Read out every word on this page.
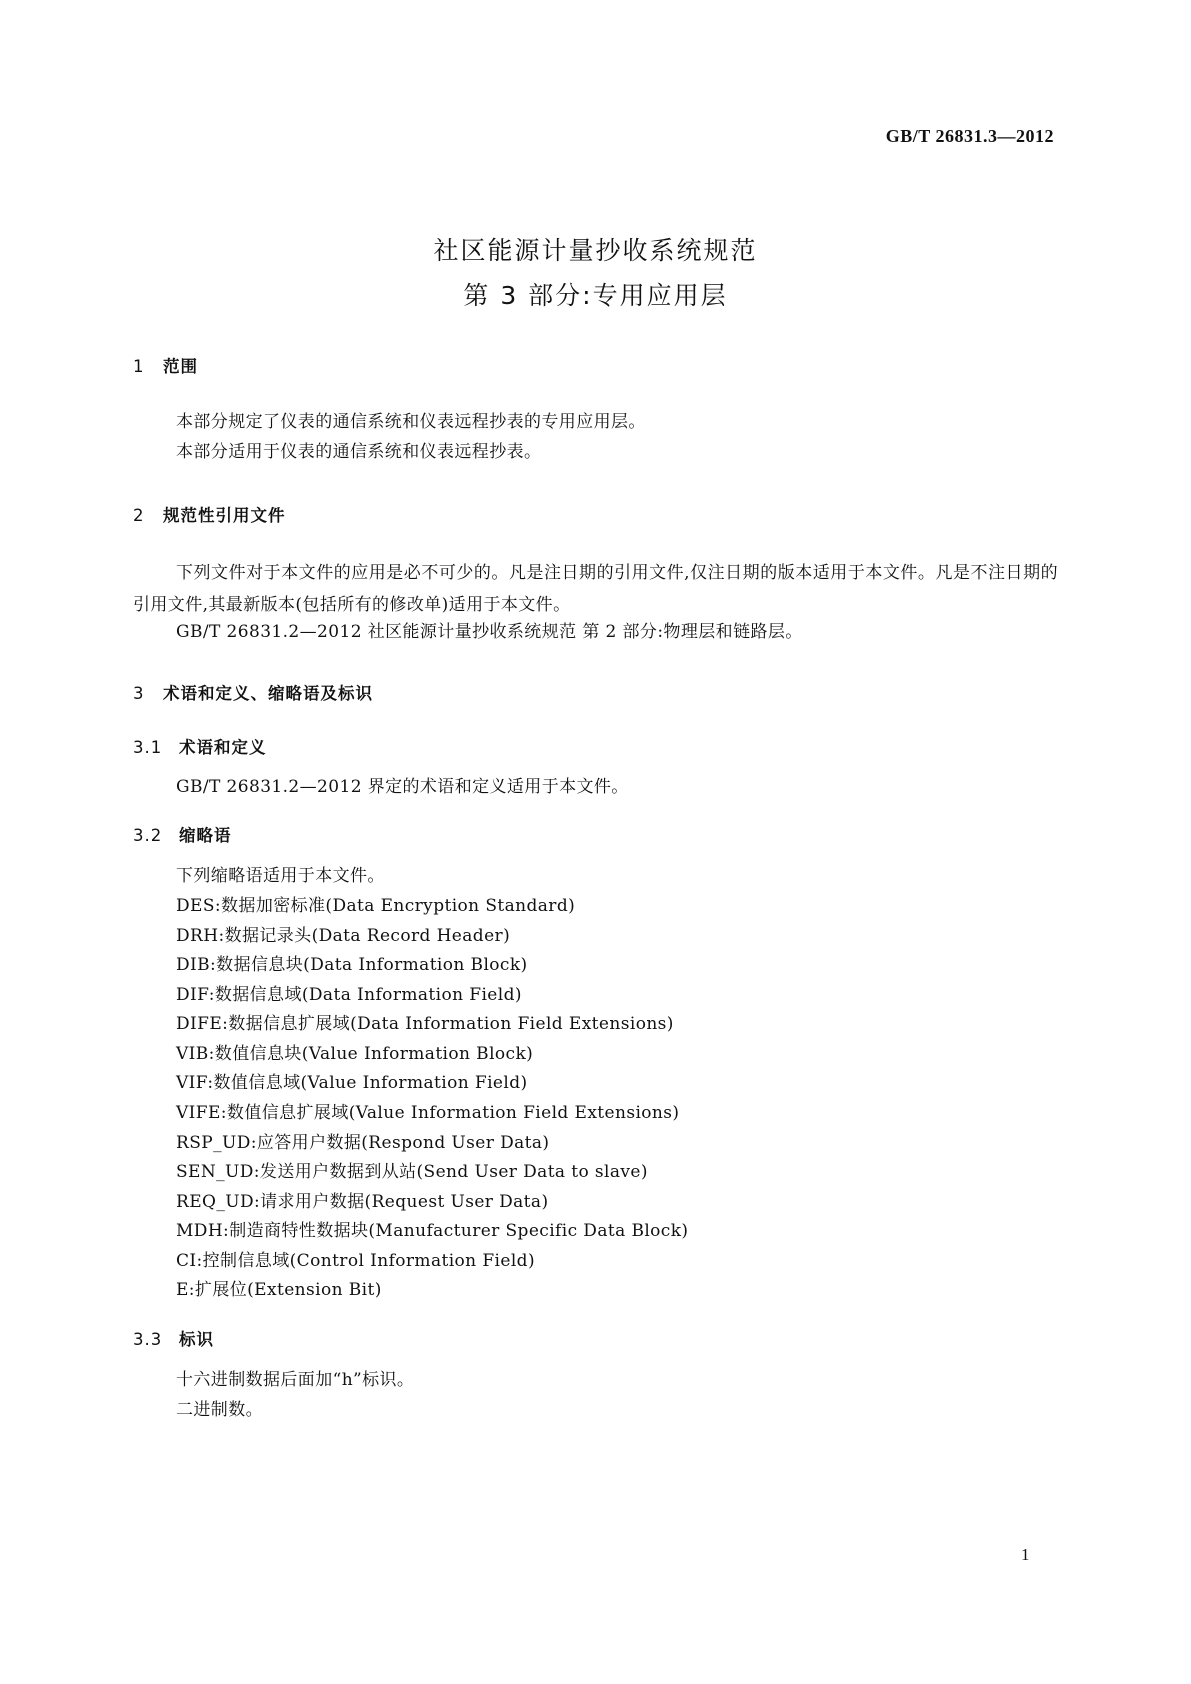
GB/T 26831.3—2012
社区能源计量抄收系统规范
第 3 部分:专用应用层
1 范围
本部分规定了仪表的通信系统和仪表远程抄表的专用应用层。
本部分适用于仪表的通信系统和仪表远程抄表。
2 规范性引用文件
下列文件对于本文件的应用是必不可少的。凡是注日期的引用文件,仅注日期的版本适用于本文件。凡是不注日期的引用文件,其最新版本(包括所有的修改单)适用于本文件。
GB/T 26831.2—2012 社区能源计量抄收系统规范 第 2 部分:物理层和链路层。
3 术语和定义、缩略语及标识
3.1 术语和定义
GB/T 26831.2—2012 界定的术语和定义适用于本文件。
3.2 缩略语
下列缩略语适用于本文件。
DES:数据加密标准(Data Encryption Standard)
DRH:数据记录头(Data Record Header)
DIB:数据信息块(Data Information Block)
DIF:数据信息域(Data Information Field)
DIFE:数据信息扩展域(Data Information Field Extensions)
VIB:数值信息块(Value Information Block)
VIF:数值信息域(Value Information Field)
VIFE:数值信息扩展域(Value Information Field Extensions)
RSP_UD:应答用户数据(Respond User Data)
SEN_UD:发送用户数据到从站(Send User Data to slave)
REQ_UD:请求用户数据(Request User Data)
MDH:制造商特性数据块(Manufacturer Specific Data Block)
CI:控制信息域(Control Information Field)
E:扩展位(Extension Bit)
3.3 标识
十六进制数据后面加“h”标识。
二进制数。
1
